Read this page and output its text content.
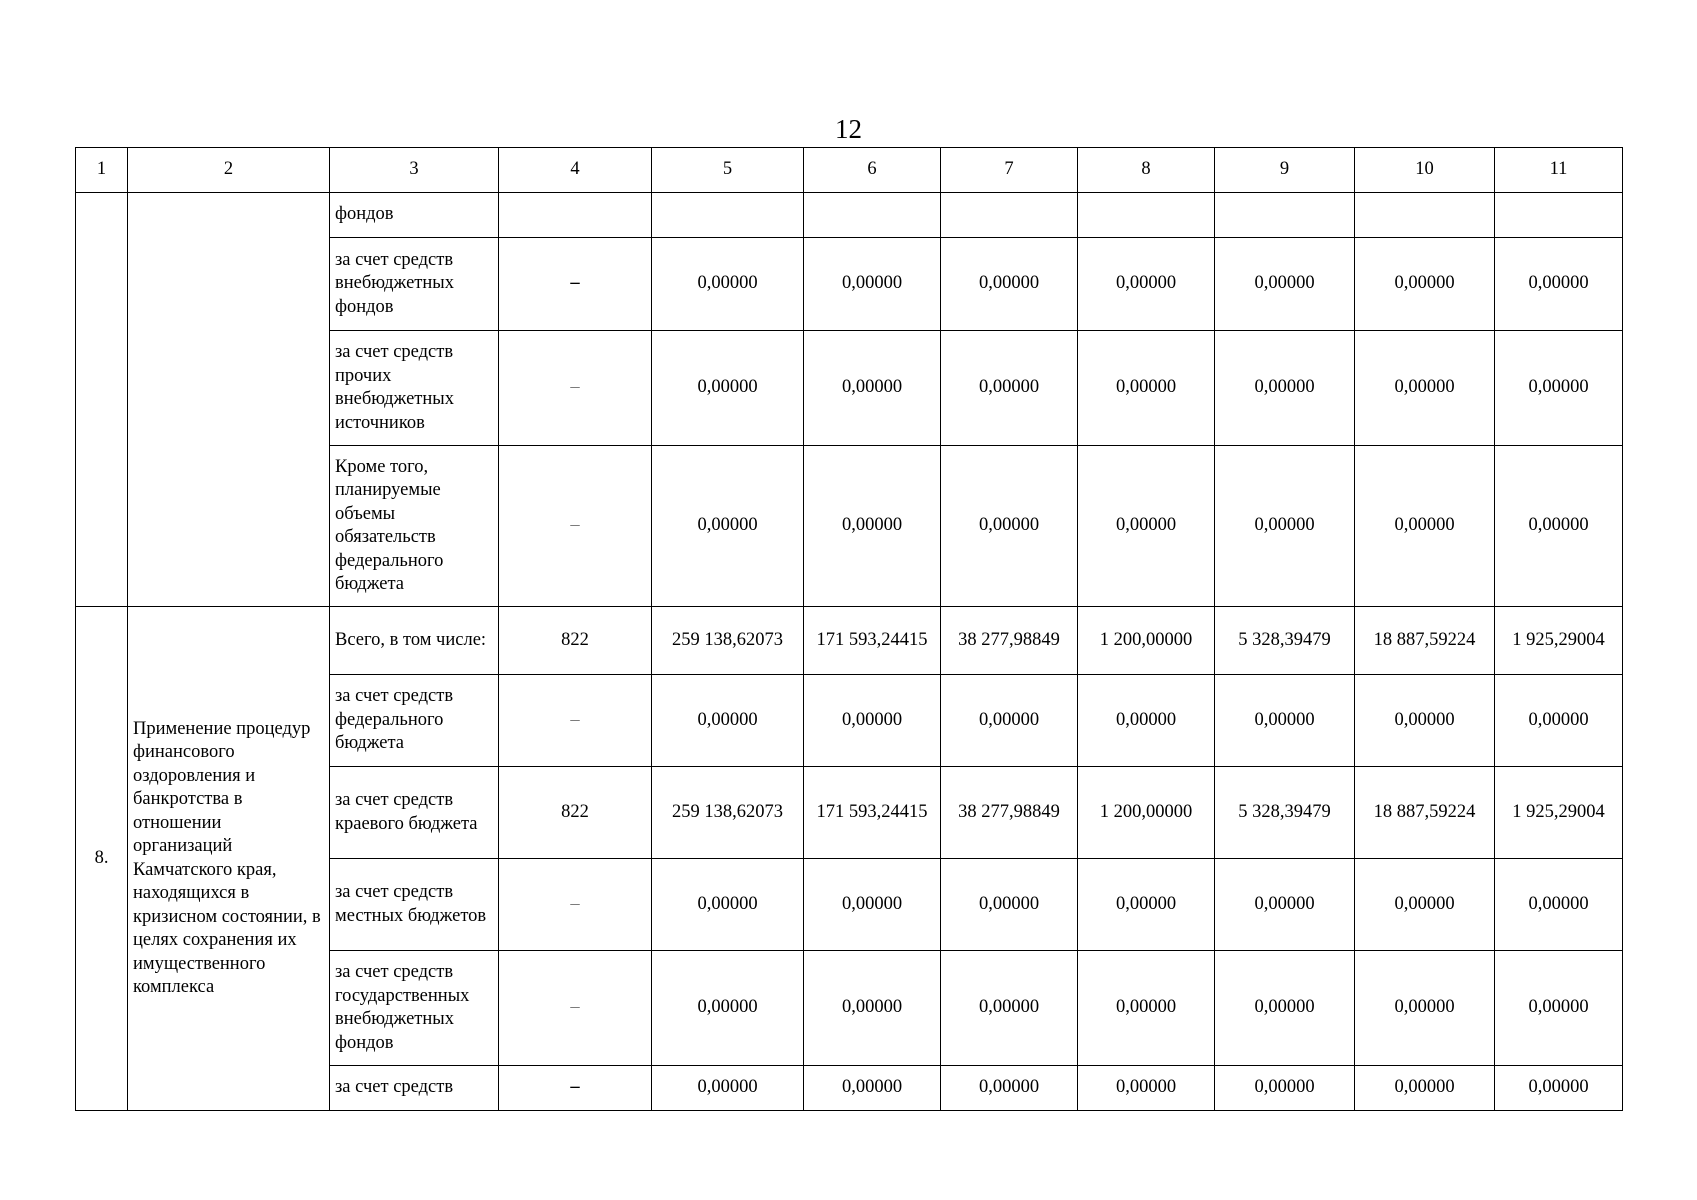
12
1	2	3	4	5	6	7	8	9	10	11
		фондов								
		за счет средств внебюджетных фондов	–	0,00000	0,00000	0,00000	0,00000	0,00000	0,00000	0,00000
		за счет средств прочих внебюджетных источников	–	0,00000	0,00000	0,00000	0,00000	0,00000	0,00000	0,00000
		Кроме того, планируемые объемы обязательств федерального бюджета	–	0,00000	0,00000	0,00000	0,00000	0,00000	0,00000	0,00000
8.	Применение процедур финансового оздоровления и банкротства в отношении организаций Камчатского края, находящихся в кризисном состоянии, в целях сохранения их имущественного комплекса	Всего, в том числе:	822	259 138,62073	171 593,24415	38 277,98849	1 200,00000	5 328,39479	18 887,59224	1 925,29004
		за счет средств федерального бюджета	–	0,00000	0,00000	0,00000	0,00000	0,00000	0,00000	0,00000
		за счет средств краевого бюджета	822	259 138,62073	171 593,24415	38 277,98849	1 200,00000	5 328,39479	18 887,59224	1 925,29004
		за счет средств местных бюджетов	–	0,00000	0,00000	0,00000	0,00000	0,00000	0,00000	0,00000
		за счет средств государственных внебюджетных фондов	–	0,00000	0,00000	0,00000	0,00000	0,00000	0,00000	0,00000
		за счет средств	–	0,00000	0,00000	0,00000	0,00000	0,00000	0,00000	0,00000
